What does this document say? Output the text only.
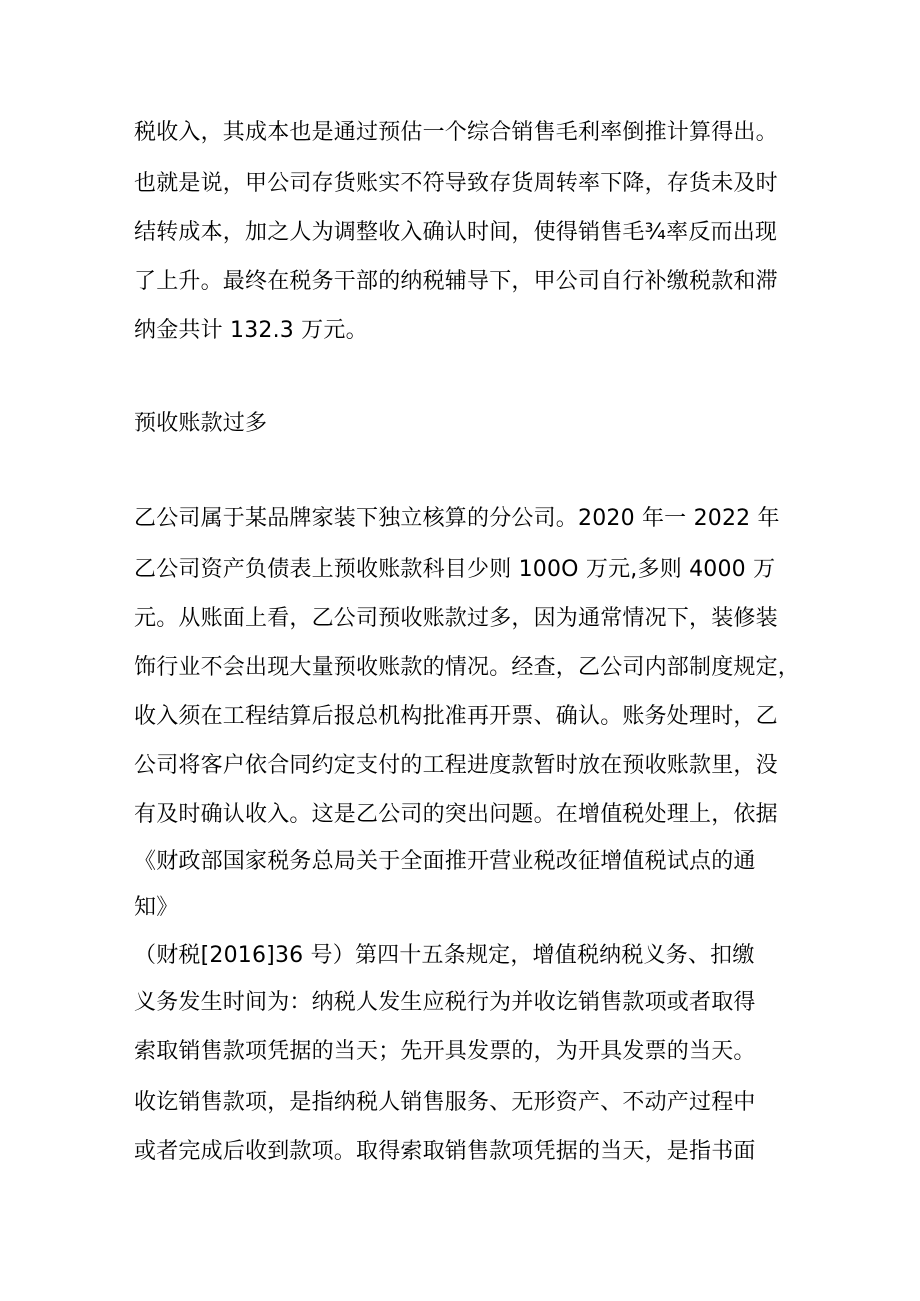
税收入，其成本也是通过预估一个综合销售毛利率倒推计算得出。
也就是说，甲公司存货账实不符导致存货周转率下降，存货未及时
结转成本，加之人为调整收入确认时间，使得销售毛¾率反而出现
了上升。最终在税务干部的纳税辅导下，甲公司自行补缴税款和滞
纳金共计 132.3 万元。
预收账款过多
乙公司属于某品牌家装下独立核算的分公司。2020 年一 2022 年
乙公司资产负债表上预收账款科目少则 100O 万元,多则 4000 万
元。从账面上看，乙公司预收账款过多，因为通常情况下，装修装
饰行业不会出现大量预收账款的情况。经查，乙公司内部制度规定，
收入须在工程结算后报总机构批准再开票、确认。账务处理时，乙
公司将客户依合同约定支付的工程进度款暂时放在预收账款里，没
有及时确认收入。这是乙公司的突出问题。在增值税处理上，依据
《财政部国家税务总局关于全面推开营业税改征增值税试点的通
知》
（财税[2016]36 号）第四十五条规定，增值税纳税义务、扣缴
义务发生时间为：纳税人发生应税行为并收讫销售款项或者取得
索取销售款项凭据的当天；先开具发票的，为开具发票的当天。
收讫销售款项，是指纳税人销售服务、无形资产、不动产过程中
或者完成后收到款项。取得索取销售款项凭据的当天，是指书面
